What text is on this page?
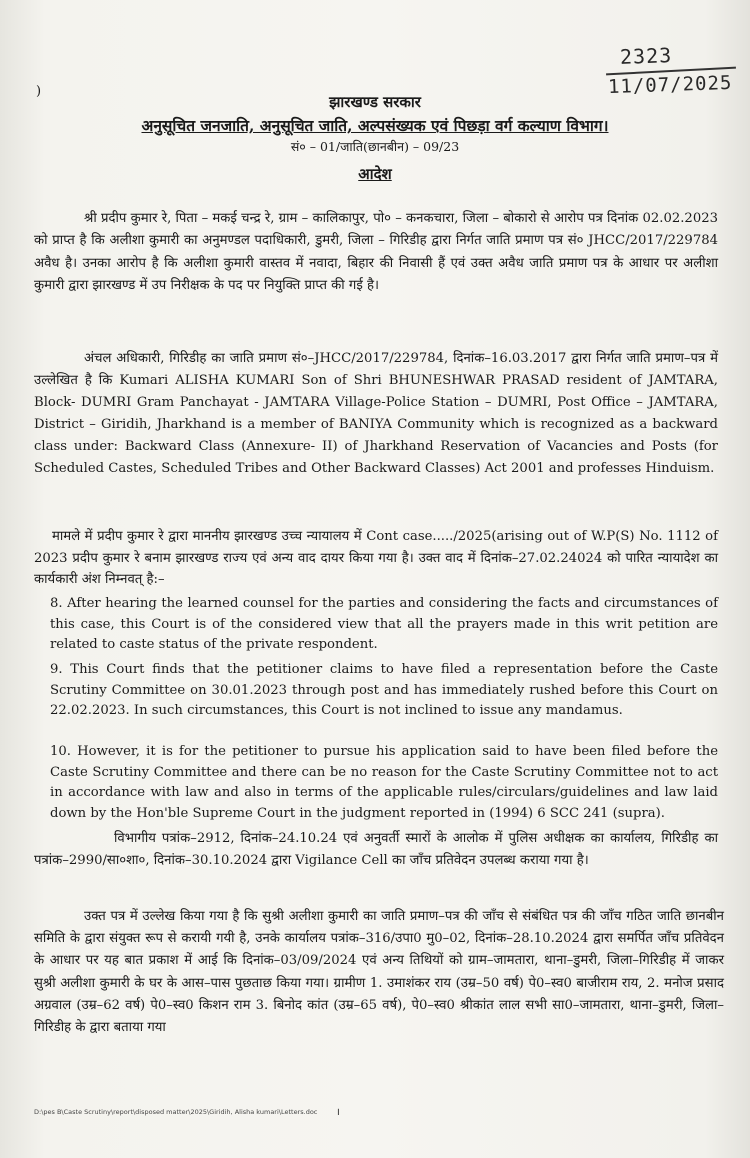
2323
11/07/2025
)
झारखण्ड सरकार
अनुसूचित जनजाति, अनुसूचित जाति, अल्पसंख्यक एवं पिछड़ा वर्ग कल्याण विभाग।
सं० – 01/जाति(छानबीन) – 09/23
आदेश
श्री प्रदीप कुमार रे, पिता – मकई चन्द्र रे, ग्राम – कालिकापुर, पो० – कनकचारा, जिला – बोकारो से आरोप पत्र दिनांक 02.02.2023 को प्राप्त है कि अलीशा कुमारी का अनुमण्डल पदाधिकारी, डुमरी, जिला – गिरिडीह द्वारा निर्गत जाति प्रमाण पत्र सं० JHCC/2017/229784 अवैध है। उनका आरोप है कि अलीशा कुमारी वास्तव में नवादा, बिहार की निवासी हैं एवं उक्त अवैध जाति प्रमाण पत्र के आधार पर अलीशा कुमारी द्वारा झारखण्ड में उप निरीक्षक के पद पर नियुक्ति प्राप्त की गई है।
अंचल अधिकारी, गिरिडीह का जाति प्रमाण सं०–JHCC/2017/229784, दिनांक–16.03.2017 द्वारा निर्गत जाति प्रमाण–पत्र में उल्लेखित है कि Kumari ALISHA KUMARI Son of Shri BHUNESHWAR PRASAD resident of JAMTARA, Block- DUMRI Gram Panchayat - JAMTARA Village-Police Station – DUMRI, Post Office – JAMTARA, District – Giridih, Jharkhand is a member of BANIYA Community which is recognized as a backward class under: Backward Class (Annexure- II) of Jharkhand Reservation of Vacancies and Posts (for Scheduled Castes, Scheduled Tribes and Other Backward Classes) Act 2001 and professes Hinduism.
मामले में प्रदीप कुमार रे द्वारा माननीय झारखण्ड उच्च न्यायालय में Cont case...../2025(arising out of W.P(S) No. 1112 of 2023 प्रदीप कुमार रे बनाम झारखण्ड राज्य एवं अन्य वाद दायर किया गया है। उक्त वाद में दिनांक–27.02.24024 को पारित न्यायादेश का कार्यकारी अंश निम्नवत् है:–
8. After hearing the learned counsel for the parties and considering the facts and circumstances of this case, this Court is of the considered view that all the prayers made in this writ petition are related to caste status of the private respondent.
9. This Court finds that the petitioner claims to have filed a representation before the Caste Scrutiny Committee on 30.01.2023 through post and has immediately rushed before this Court on 22.02.2023. In such circumstances, this Court is not inclined to issue any mandamus.
10. However, it is for the petitioner to pursue his application said to have been filed before the Caste Scrutiny Committee and there can be no reason for the Caste Scrutiny Committee not to act in accordance with law and also in terms of the applicable rules/circulars/guidelines and law laid down by the Hon'ble Supreme Court in the judgment reported in (1994) 6 SCC 241 (supra).
विभागीय पत्रांक–2912, दिनांक–24.10.24 एवं अनुवर्ती स्मारों के आलोक में पुलिस अधीक्षक का कार्यालय, गिरिडीह का पत्रांक–2990/सा०शा०, दिनांक–30.10.2024 द्वारा Vigilance Cell का जाँच प्रतिवेदन उपलब्ध कराया गया है।
उक्त पत्र में उल्लेख किया गया है कि सुश्री अलीशा कुमारी का जाति प्रमाण–पत्र की जाँच से संबंधित पत्र की जाँच गठित जाति छानबीन समिति के द्वारा संयुक्त रूप से करायी गयी है, उनके कार्यालय पत्रांक–316/उपा0 मु0–02, दिनांक–28.10.2024 द्वारा समर्पित जाँच प्रतिवेदन के आधार पर यह बात प्रकाश में आई कि दिनांक–03/09/2024 एवं अन्य तिथियों को ग्राम–जामतारा, थाना–डुमरी, जिला–गिरिडीह में जाकर सुश्री अलीशा कुमारी के घर के आस–पास पुछताछ किया गया। ग्रामीण 1. उमाशंकर राय (उम्र–50 वर्ष) पे0–स्व0 बाजीराम राय, 2. मनोज प्रसाद अग्रवाल (उम्र–62 वर्ष) पे0–स्व0 किशन राम 3. बिनोद कांत (उम्र–65 वर्ष), पे0–स्व0 श्रीकांत लाल सभी सा0–जामतारा, थाना–डुमरी, जिला–गिरिडीह के द्वारा बताया गया
D:\pes B\Caste Scrutiny\report\disposed matter\2025\Giridih, Alisha kumari\Letters.doc ।
